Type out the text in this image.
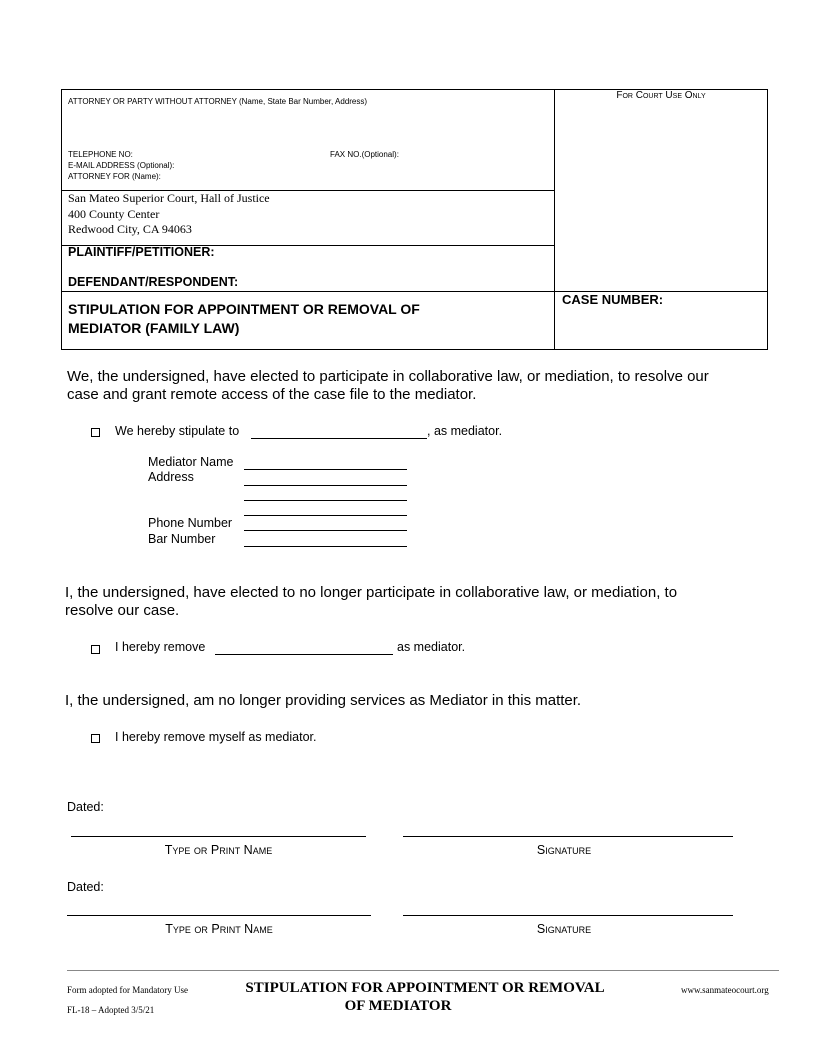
ATTORNEY OR PARTY WITHOUT ATTORNEY (Name, State Bar Number, Address)
For Court Use Only
TELEPHONE NO:	FAX NO.(Optional):
E-MAIL ADDRESS (Optional):
ATTORNEY FOR (Name):
San Mateo Superior Court, Hall of Justice
400 County Center
Redwood City, CA 94063
PLAINTIFF/PETITIONER:
DEFENDANT/RESPONDENT:
STIPULATION FOR APPOINTMENT OR REMOVAL OF
MEDIATOR (FAMILY LAW)
CASE NUMBER:
We, the undersigned, have elected to participate in collaborative law, or mediation, to resolve our
case and grant remote access of the case file to the mediator.
We hereby stipulate to	, as mediator.
Mediator Name
Address
Phone Number
Bar Number
I, the undersigned, have elected to no longer participate in collaborative law, or mediation, to
resolve our case.
I hereby remove	as mediator.
I, the undersigned, am no longer providing services as Mediator in this matter.
I hereby remove myself as mediator.
Dated:
Type or Print Name	Signature
Dated:
Type or Print Name	Signature
Form adopted for Mandatory Use
FL-18 – Adopted 3/5/21
STIPULATION FOR APPOINTMENT OR REMOVAL
OF MEDIATOR
www.sanmateocourt.org
